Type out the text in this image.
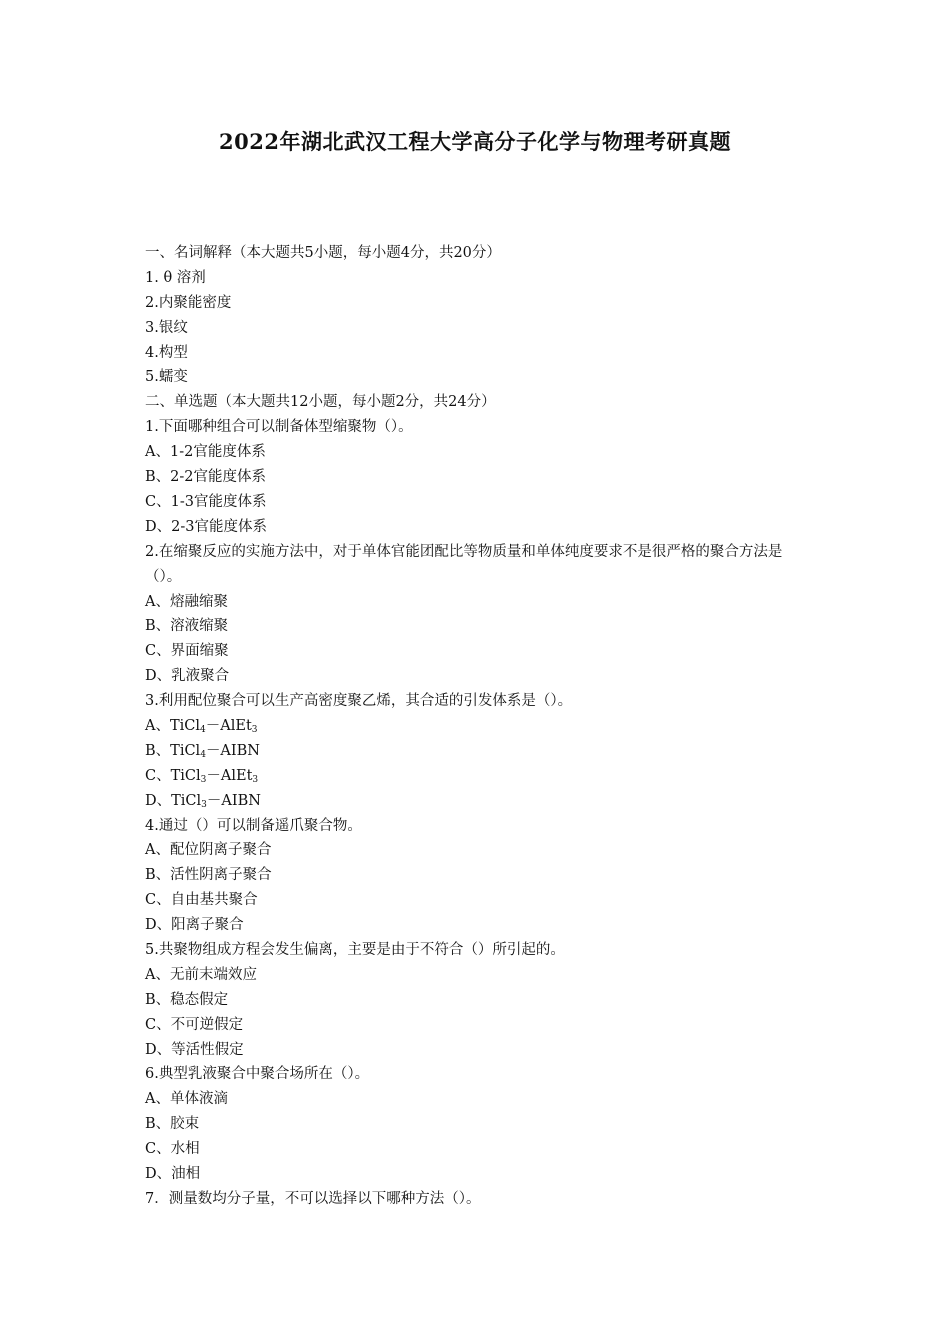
2022年湖北武汉工程大学高分子化学与物理考研真题
一、名词解释（本大题共5小题，每小题4分，共20分）
1. θ 溶剂
2.内聚能密度
3.银纹
4.构型
5.蠕变
二、单选题（本大题共12小题，每小题2分，共24分）
1.下面哪种组合可以制备体型缩聚物（）。
A、1-2官能度体系
B、2-2官能度体系
C、1-3官能度体系
D、2-3官能度体系
2.在缩聚反应的实施方法中，对于单体官能团配比等物质量和单体纯度要求不是很严格的聚合方法是（）。
A、熔融缩聚
B、溶液缩聚
C、界面缩聚
D、乳液聚合
3.利用配位聚合可以生产高密度聚乙烯，其合适的引发体系是（）。
A、TiCl$_4$－AlEt$_3$
B、TiCl$_4$－AIBN
C、TiCl$_3$－AlEt$_3$
D、TiCl$_3$－AIBN
4.通过（）可以制备遥爪聚合物。
A、配位阴离子聚合
B、活性阴离子聚合
C、自由基共聚合
D、阳离子聚合
5.共聚物组成方程会发生偏离，主要是由于不符合（）所引起的。
A、无前末端效应
B、稳态假定
C、不可逆假定
D、等活性假定
6.典型乳液聚合中聚合场所在（）。
A、单体液滴
B、胶束
C、水相
D、油相
7．测量数均分子量，不可以选择以下哪种方法（）。
